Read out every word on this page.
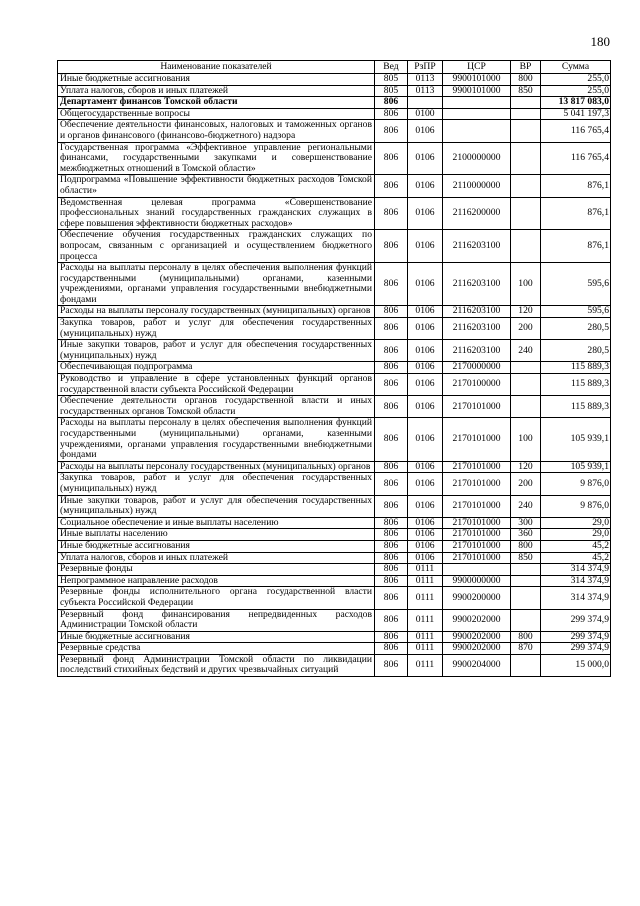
180
Наименование показателей	Вед	РзПР	ЦСР	ВР	Сумма
Иные бюджетные ассигнования	805	0113	9900101000	800	255,0
Уплата налогов, сборов и иных платежей	805	0113	9900101000	850	255,0
Департамент финансов Томской области	806				13 817 083,0
Общегосударственные вопросы	806	0100			5 041 197,3
Обеспечение деятельности финансовых, налоговых и таможенных органов и органов финансового (финансово-бюджетного) надзора	806	0106			116 765,4
Государственная программа «Эффективное управление региональными финансами, государственными закупками и совершенствование межбюджетных отношений в Томской области»	806	0106	2100000000		116 765,4
Подпрограмма «Повышение эффективности бюджетных расходов Томской области»	806	0106	2110000000		876,1
Ведомственная целевая программа «Совершенствование профессиональных знаний государственных гражданских служащих в сфере повышения эффективности бюджетных расходов»	806	0106	2116200000		876,1
Обеспечение обучения государственных гражданских служащих по вопросам, связанным с организацией и осуществлением бюджетного процесса	806	0106	2116203100		876,1
Расходы на выплаты персоналу в целях обеспечения выполнения функций государственными (муниципальными) органами, казенными учреждениями, органами управления государственными внебюджетными фондами	806	0106	2116203100	100	595,6
Расходы на выплаты персоналу государственных (муниципальных) органов	806	0106	2116203100	120	595,6
Закупка товаров, работ и услуг для обеспечения государственных (муниципальных) нужд	806	0106	2116203100	200	280,5
Иные закупки товаров, работ и услуг для обеспечения государственных (муниципальных) нужд	806	0106	2116203100	240	280,5
Обеспечивающая подпрограмма	806	0106	2170000000		115 889,3
Руководство и управление в сфере установленных функций органов государственной власти субъекта Российской Федерации	806	0106	2170100000		115 889,3
Обеспечение деятельности органов государственной власти и иных государственных органов Томской области	806	0106	2170101000		115 889,3
Расходы на выплаты персоналу в целях обеспечения выполнения функций государственными (муниципальными) органами, казенными учреждениями, органами управления государственными внебюджетными фондами	806	0106	2170101000	100	105 939,1
Расходы на выплаты персоналу государственных (муниципальных) органов	806	0106	2170101000	120	105 939,1
Закупка товаров, работ и услуг для обеспечения государственных (муниципальных) нужд	806	0106	2170101000	200	9 876,0
Иные закупки товаров, работ и услуг для обеспечения государственных (муниципальных) нужд	806	0106	2170101000	240	9 876,0
Социальное обеспечение и иные выплаты населению	806	0106	2170101000	300	29,0
Иные выплаты населению	806	0106	2170101000	360	29,0
Иные бюджетные ассигнования	806	0106	2170101000	800	45,2
Уплата налогов, сборов и иных платежей	806	0106	2170101000	850	45,2
Резервные фонды	806	0111			314 374,9
Непрограммное направление расходов	806	0111	9900000000		314 374,9
Резервные фонды исполнительного органа государственной власти субъекта Российской Федерации	806	0111	9900200000		314 374,9
Резервный фонд финансирования непредвиденных расходов Администрации Томской области	806	0111	9900202000		299 374,9
Иные бюджетные ассигнования	806	0111	9900202000	800	299 374,9
Резервные средства	806	0111	9900202000	870	299 374,9
Резервный фонд Администрации Томской области по ликвидации последствий стихийных бедствий и других чрезвычайных ситуаций	806	0111	9900204000		15 000,0
